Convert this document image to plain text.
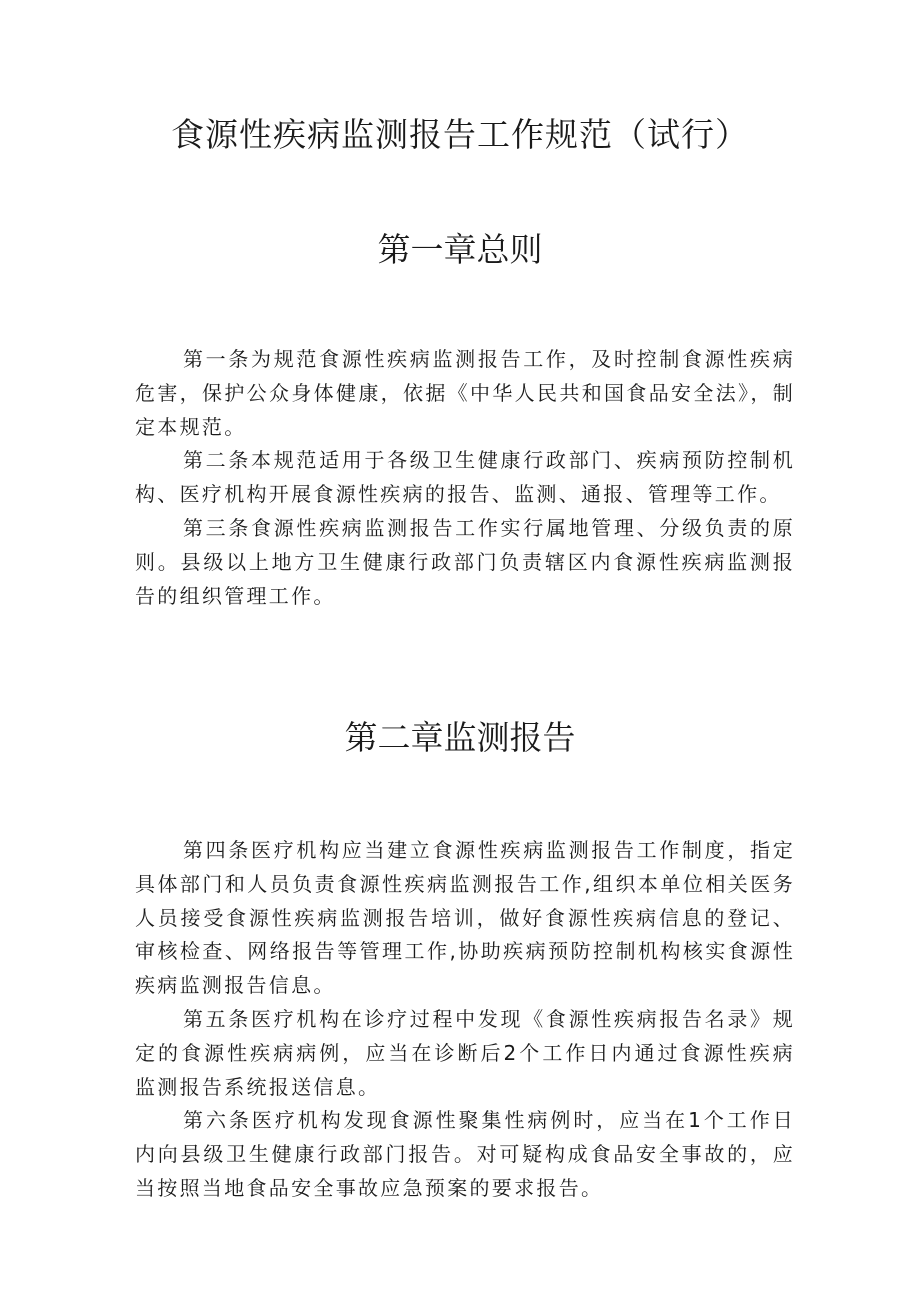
食源性疾病监测报告工作规范（试行）
第一章总则

第一条为规范食源性疾病监测报告工作，及时控制食源性疾病危害，保护公众身体健康，依据《中华人民共和国食品安全法》，制定本规范。

第二条本规范适用于各级卫生健康行政部门、疾病预防控制机构、医疗机构开展食源性疾病的报告、监测、通报、管理等工作。

第三条食源性疾病监测报告工作实行属地管理、分级负责的原则。县级以上地方卫生健康行政部门负责辖区内食源性疾病监测报告的组织管理工作。

第二章监测报告

第四条医疗机构应当建立食源性疾病监测报告工作制度，指定具体部门和人员负责食源性疾病监测报告工作,组织本单位相关医务人员接受食源性疾病监测报告培训，做好食源性疾病信息的登记、审核检查、网络报告等管理工作,协助疾病预防控制机构核实食源性疾病监测报告信息。

第五条医疗机构在诊疗过程中发现《食源性疾病报告名录》规定的食源性疾病病例，应当在诊断后2个工作日内通过食源性疾病监测报告系统报送信息。

第六条医疗机构发现食源性聚集性病例时，应当在1个工作日内向县级卫生健康行政部门报告。对可疑构成食品安全事故的，应当按照当地食品安全事故应急预案的要求报告。
